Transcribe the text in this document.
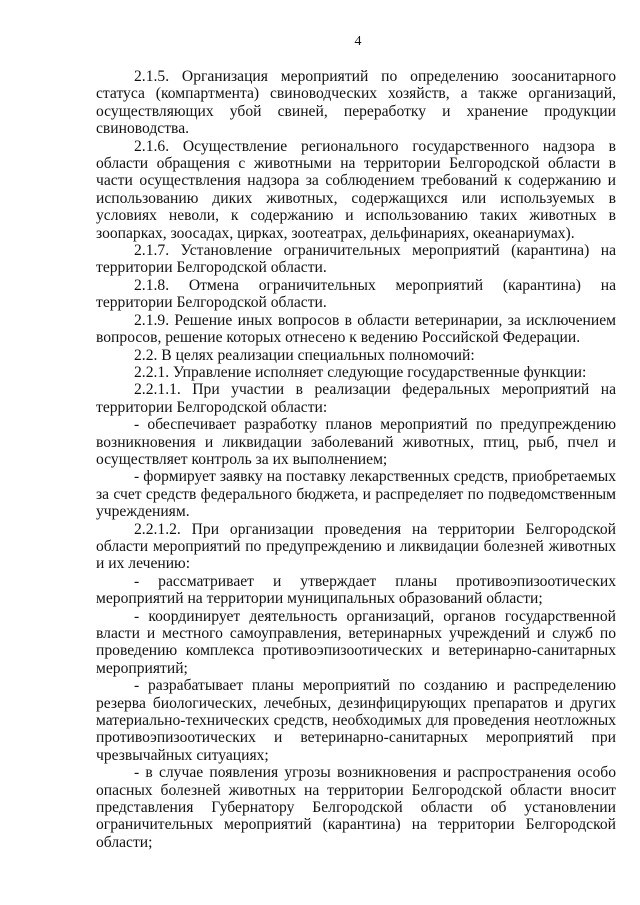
4

2.1.5. Организация мероприятий по определению зоосанитарного статуса (компартмента) свиноводческих хозяйств, а также организаций, осуществляющих убой свиней, переработку и хранение продукции свиноводства.

2.1.6. Осуществление регионального государственного надзора в области обращения с животными на территории Белгородской области в части осуществления надзора за соблюдением требований к содержанию и использованию диких животных, содержащихся или используемых в условиях неволи, к содержанию и использованию таких животных в зоопарках, зоосадах, цирках, зоотеатрах, дельфинариях, океанариумах).

2.1.7. Установление ограничительных мероприятий (карантина) на территории Белгородской области.

2.1.8. Отмена ограничительных мероприятий (карантина) на территории Белгородской области.

2.1.9. Решение иных вопросов в области ветеринарии, за исключением вопросов, решение которых отнесено к ведению Российской Федерации.

2.2. В целях реализации специальных полномочий:

2.2.1. Управление исполняет следующие государственные функции:

2.2.1.1. При участии в реализации федеральных мероприятий на территории Белгородской области:

- обеспечивает разработку планов мероприятий по предупреждению возникновения и ликвидации заболеваний животных, птиц, рыб, пчел и осуществляет контроль за их выполнением;

- формирует заявку на поставку лекарственных средств, приобретаемых за счет средств федерального бюджета, и распределяет по подведомственным учреждениям.

2.2.1.2. При организации проведения на территории Белгородской области мероприятий по предупреждению и ликвидации болезней животных и их лечению:

- рассматривает и утверждает планы противоэпизоотических мероприятий на территории муниципальных образований области;

- координирует деятельность организаций, органов государственной власти и местного самоуправления, ветеринарных учреждений и служб по проведению комплекса противоэпизоотических и ветеринарно-санитарных мероприятий;

- разрабатывает планы мероприятий по созданию и распределению резерва биологических, лечебных, дезинфицирующих препаратов и других материально-технических средств, необходимых для проведения неотложных противоэпизоотических и ветеринарно-санитарных мероприятий при чрезвычайных ситуациях;

- в случае появления угрозы возникновения и распространения особо опасных болезней животных на территории Белгородской области вносит представления Губернатору Белгородской области об установлении ограничительных мероприятий (карантина) на территории Белгородской области;
